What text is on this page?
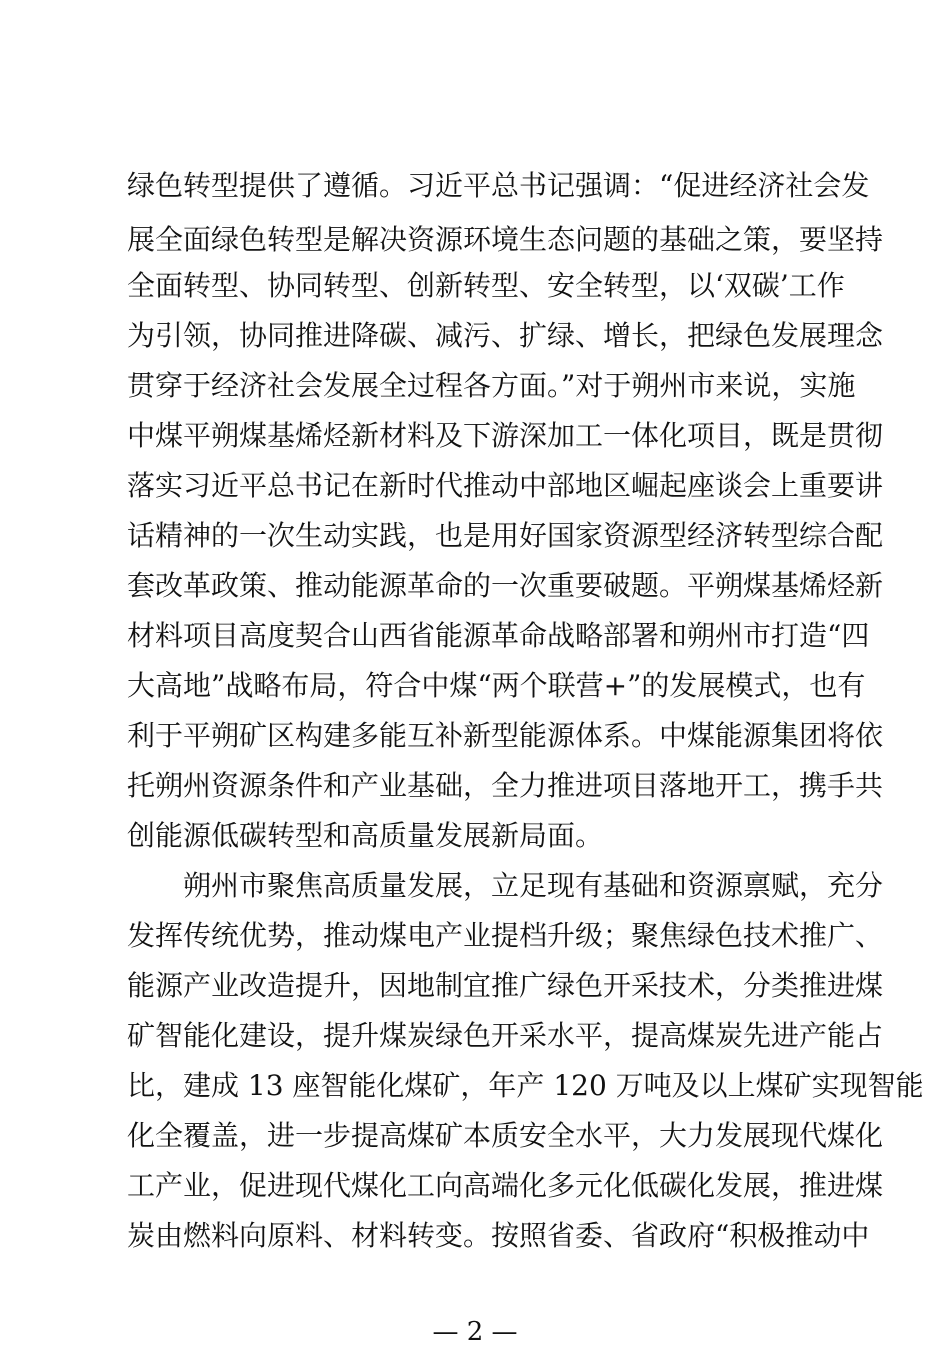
绿色转型提供了遵循。习近平总书记强调：“促进经济社会发
展全面绿色转型是解决资源环境生态问题的基础之策，要坚持
全面转型、协同转型、创新转型、安全转型，以‘双碳’工作
为引领，协同推进降碳、减污、扩绿、增长，把绿色发展理念
贯穿于经济社会发展全过程各方面。”对于朔州市来说，实施
中煤平朔煤基烯烃新材料及下游深加工一体化项目，既是贯彻
落实习近平总书记在新时代推动中部地区崛起座谈会上重要讲
话精神的一次生动实践，也是用好国家资源型经济转型综合配
套改革政策、推动能源革命的一次重要破题。平朔煤基烯烃新
材料项目高度契合山西省能源革命战略部署和朔州市打造“四
大高地”战略布局，符合中煤“两个联营+”的发展模式，也有
利于平朔矿区构建多能互补新型能源体系。中煤能源集团将依
托朔州资源条件和产业基础，全力推进项目落地开工，携手共
创能源低碳转型和高质量发展新局面。
朔州市聚焦高质量发展，立足现有基础和资源禀赋，充分
发挥传统优势，推动煤电产业提档升级；聚焦绿色技术推广、
能源产业改造提升，因地制宜推广绿色开采技术，分类推进煤
矿智能化建设，提升煤炭绿色开采水平，提高煤炭先进产能占
比，建成 13 座智能化煤矿，年产 120 万吨及以上煤矿实现智能
化全覆盖，进一步提高煤矿本质安全水平，大力发展现代煤化
工产业，促进现代煤化工向高端化多元化低碳化发展，推进煤
炭由燃料向原料、材料转变。按照省委、省政府“积极推动中
— 2 —
